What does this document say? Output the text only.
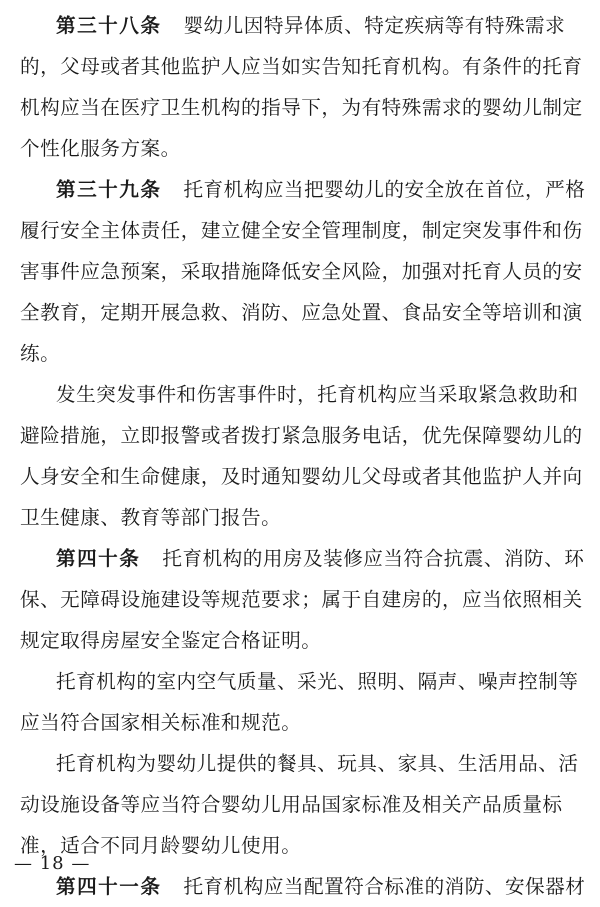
第三十八条 婴幼儿因特异体质、特定疾病等有特殊需求
的，父母或者其他监护人应当如实告知托育机构。有条件的托育
机构应当在医疗卫生机构的指导下，为有特殊需求的婴幼儿制定
个性化服务方案。
第三十九条 托育机构应当把婴幼儿的安全放在首位，严格
履行安全主体责任，建立健全安全管理制度，制定突发事件和伤
害事件应急预案，采取措施降低安全风险，加强对托育人员的安
全教育，定期开展急救、消防、应急处置、食品安全等培训和演
练。
发生突发事件和伤害事件时，托育机构应当采取紧急救助和
避险措施，立即报警或者拨打紧急服务电话，优先保障婴幼儿的
人身安全和生命健康，及时通知婴幼儿父母或者其他监护人并向
卫生健康、教育等部门报告。
第四十条 托育机构的用房及装修应当符合抗震、消防、环
保、无障碍设施建设等规范要求；属于自建房的，应当依照相关
规定取得房屋安全鉴定合格证明。
托育机构的室内空气质量、采光、照明、隔声、噪声控制等
应当符合国家相关标准和规范。
托育机构为婴幼儿提供的餐具、玩具、家具、生活用品、活
动设施设备等应当符合婴幼儿用品国家标准及相关产品质量标
准，适合不同月龄婴幼儿使用。
第四十一条 托育机构应当配置符合标准的消防、安保器材
— 18 —
